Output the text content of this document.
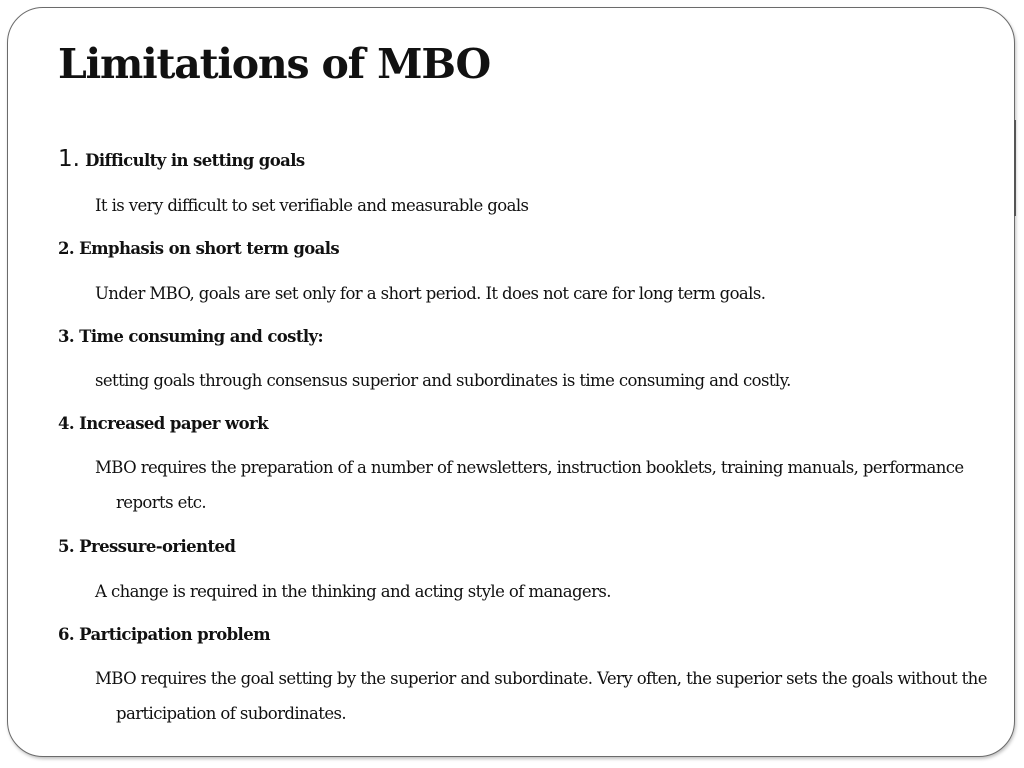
Limitations of MBO

1. Difficulty in setting goals

It is very difficult to set verifiable and measurable goals

2. Emphasis on short term goals

Under MBO, goals are set only for a short period. It does not care for long term goals.

3. Time consuming and costly:

setting goals through consensus superior and subordinates is time consuming and costly.

4. Increased paper work

MBO requires the preparation of a number of newsletters, instruction booklets, training manuals, performance
reports etc.

5. Pressure-oriented

A change is required in the thinking and acting style of managers.

6. Participation problem

MBO requires the goal setting by the superior and subordinate. Very often, the superior sets the goals without the
participation of subordinates.
